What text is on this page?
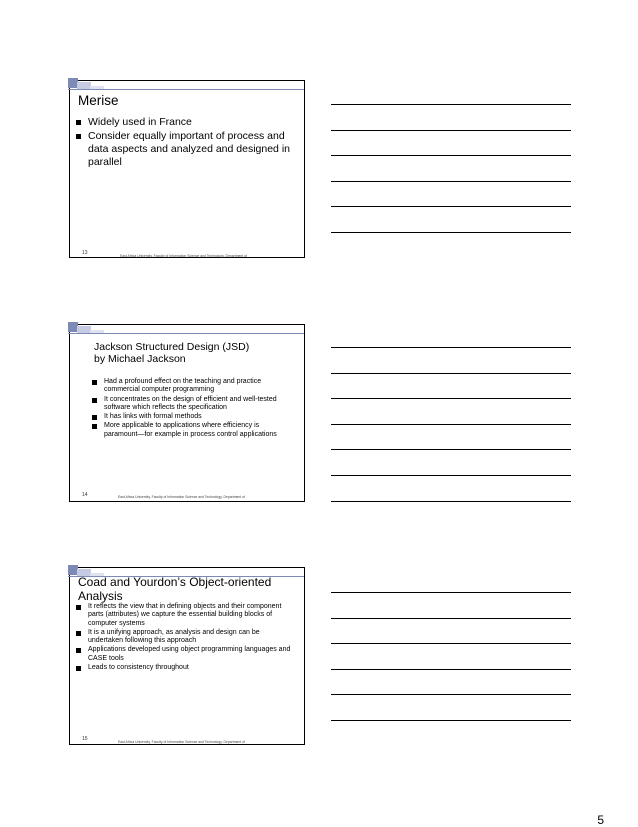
Merise
Widely used in France
Consider equally important of process and data aspects and analyzed and designed in parallel
13	East Africa University, Faculty of Information Science and Technology, Department of
Jackson Structured Design (JSD)
by Michael Jackson
Had a profound effect on the teaching and practice commercial computer programming
It concentrates on the design of efficient and well-tested software which reflects the specification
It has links with formal methods
More applicable to applications where efficiency is paramount—for example in process control applications
14	East Africa University, Faculty of Information Science and Technology, Department of
Coad and Yourdon’s Object-oriented
Analysis
It reflects the view that in defining objects and their component parts (attributes) we capture the essential building blocks of computer systems
It is a unifying approach, as analysis and design can be undertaken following this approach
Applications developed using object programming languages and CASE tools
Leads to consistency throughout
15	East Africa University, Faculty of Information Science and Technology, Department of
5
